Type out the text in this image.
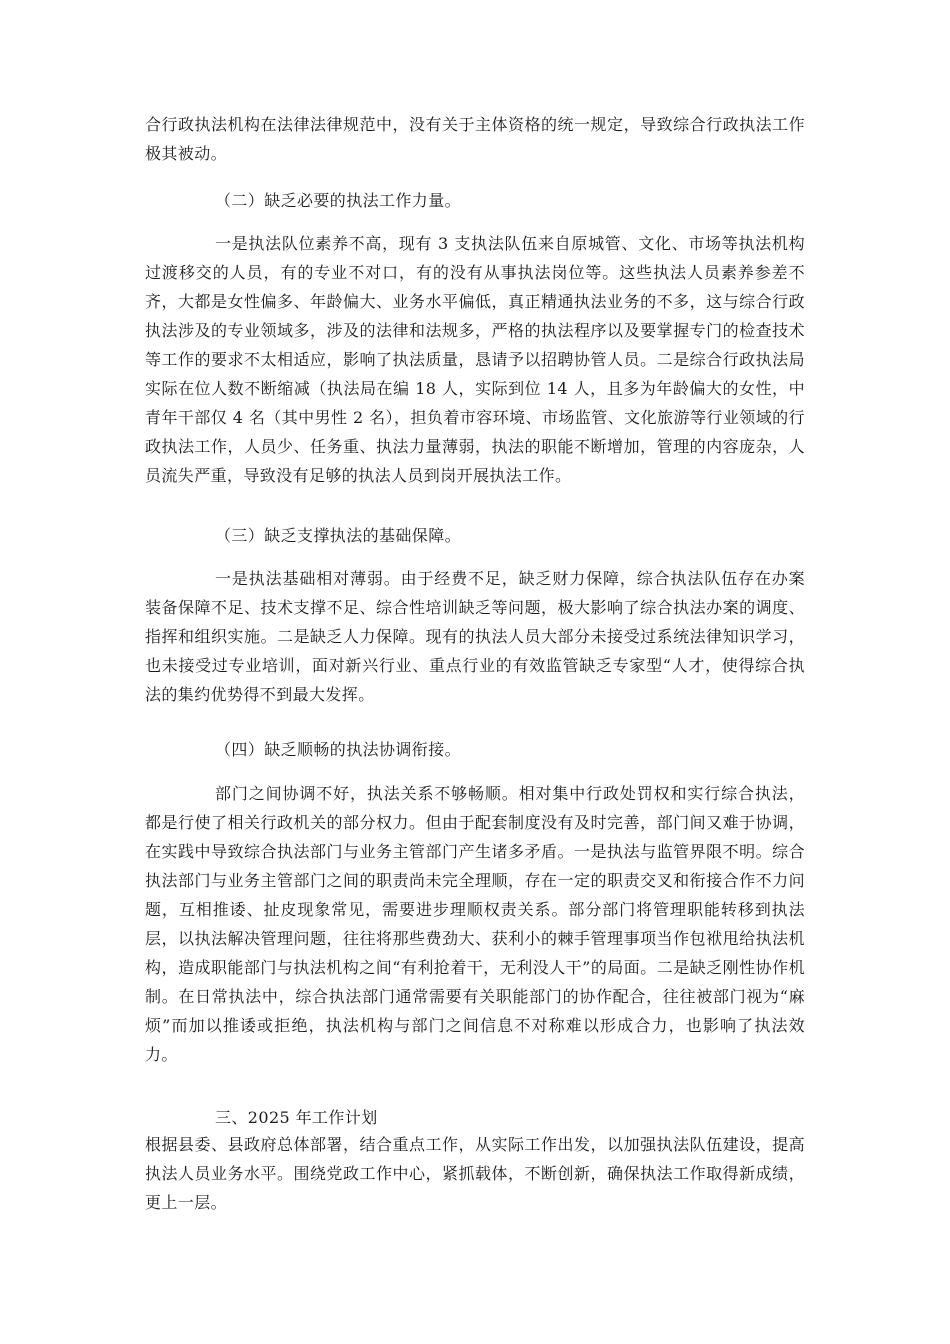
合行政执法机构在法律法律规范中，没有关于主体资格的统一规定，导致综合行政执法工作极其被动。

（二）缺乏必要的执法工作力量。

一是执法队位素养不高，现有 3 支执法队伍来自原城管、文化、市场等执法机构过渡移交的人员，有的专业不对口，有的没有从事执法岗位等。这些执法人员素养参差不齐，大都是女性偏多、年龄偏大、业务水平偏低，真正精通执法业务的不多，这与综合行政执法涉及的专业领域多，涉及的法律和法规多，严格的执法程序以及要掌握专门的检查技术等工作的要求不太相适应，影响了执法质量，恳请予以招聘协管人员。二是综合行政执法局实际在位人数不断缩减（执法局在编 18 人，实际到位 14 人，且多为年龄偏大的女性，中青年干部仅 4 名（其中男性 2 名），担负着市容环境、市场监管、文化旅游等行业领域的行政执法工作，人员少、任务重、执法力量薄弱，执法的职能不断增加，管理的内容庞杂，人员流失严重，导致没有足够的执法人员到岗开展执法工作。

（三）缺乏支撑执法的基础保障。

一是执法基础相对薄弱。由于经费不足，缺乏财力保障，综合执法队伍存在办案装备保障不足、技术支撑不足、综合性培训缺乏等问题，极大影响了综合执法办案的调度、指挥和组织实施。二是缺乏人力保障。现有的执法人员大部分未接受过系统法律知识学习，也未接受过专业培训，面对新兴行业、重点行业的有效监管缺乏专家型“人才，使得综合执法的集约优势得不到最大发挥。

（四）缺乏顺畅的执法协调衔接。

部门之间协调不好，执法关系不够畅顺。相对集中行政处罚权和实行综合执法，都是行使了相关行政机关的部分权力。但由于配套制度没有及时完善，部门间又难于协调，在实践中导致综合执法部门与业务主管部门产生诸多矛盾。一是执法与监管界限不明。综合执法部门与业务主管部门之间的职责尚未完全理顺，存在一定的职责交叉和衔接合作不力问题，互相推诿、扯皮现象常见，需要进步理顺权责关系。部分部门将管理职能转移到执法层，以执法解决管理问题，往往将那些费劲大、获利小的棘手管理事项当作包袱甩给执法机构，造成职能部门与执法机构之间“有利抢着干，无利没人干”的局面。二是缺乏刚性协作机制。在日常执法中，综合执法部门通常需要有关职能部门的协作配合，往往被部门视为“麻烦”而加以推诿或拒绝，执法机构与部门之间信息不对称难以形成合力，也影响了执法效力。

三、2025 年工作计划

根据县委、县政府总体部署，结合重点工作，从实际工作出发，以加强执法队伍建设，提高执法人员业务水平。围绕党政工作中心，紧抓载体，不断创新，确保执法工作取得新成绩，更上一层。
